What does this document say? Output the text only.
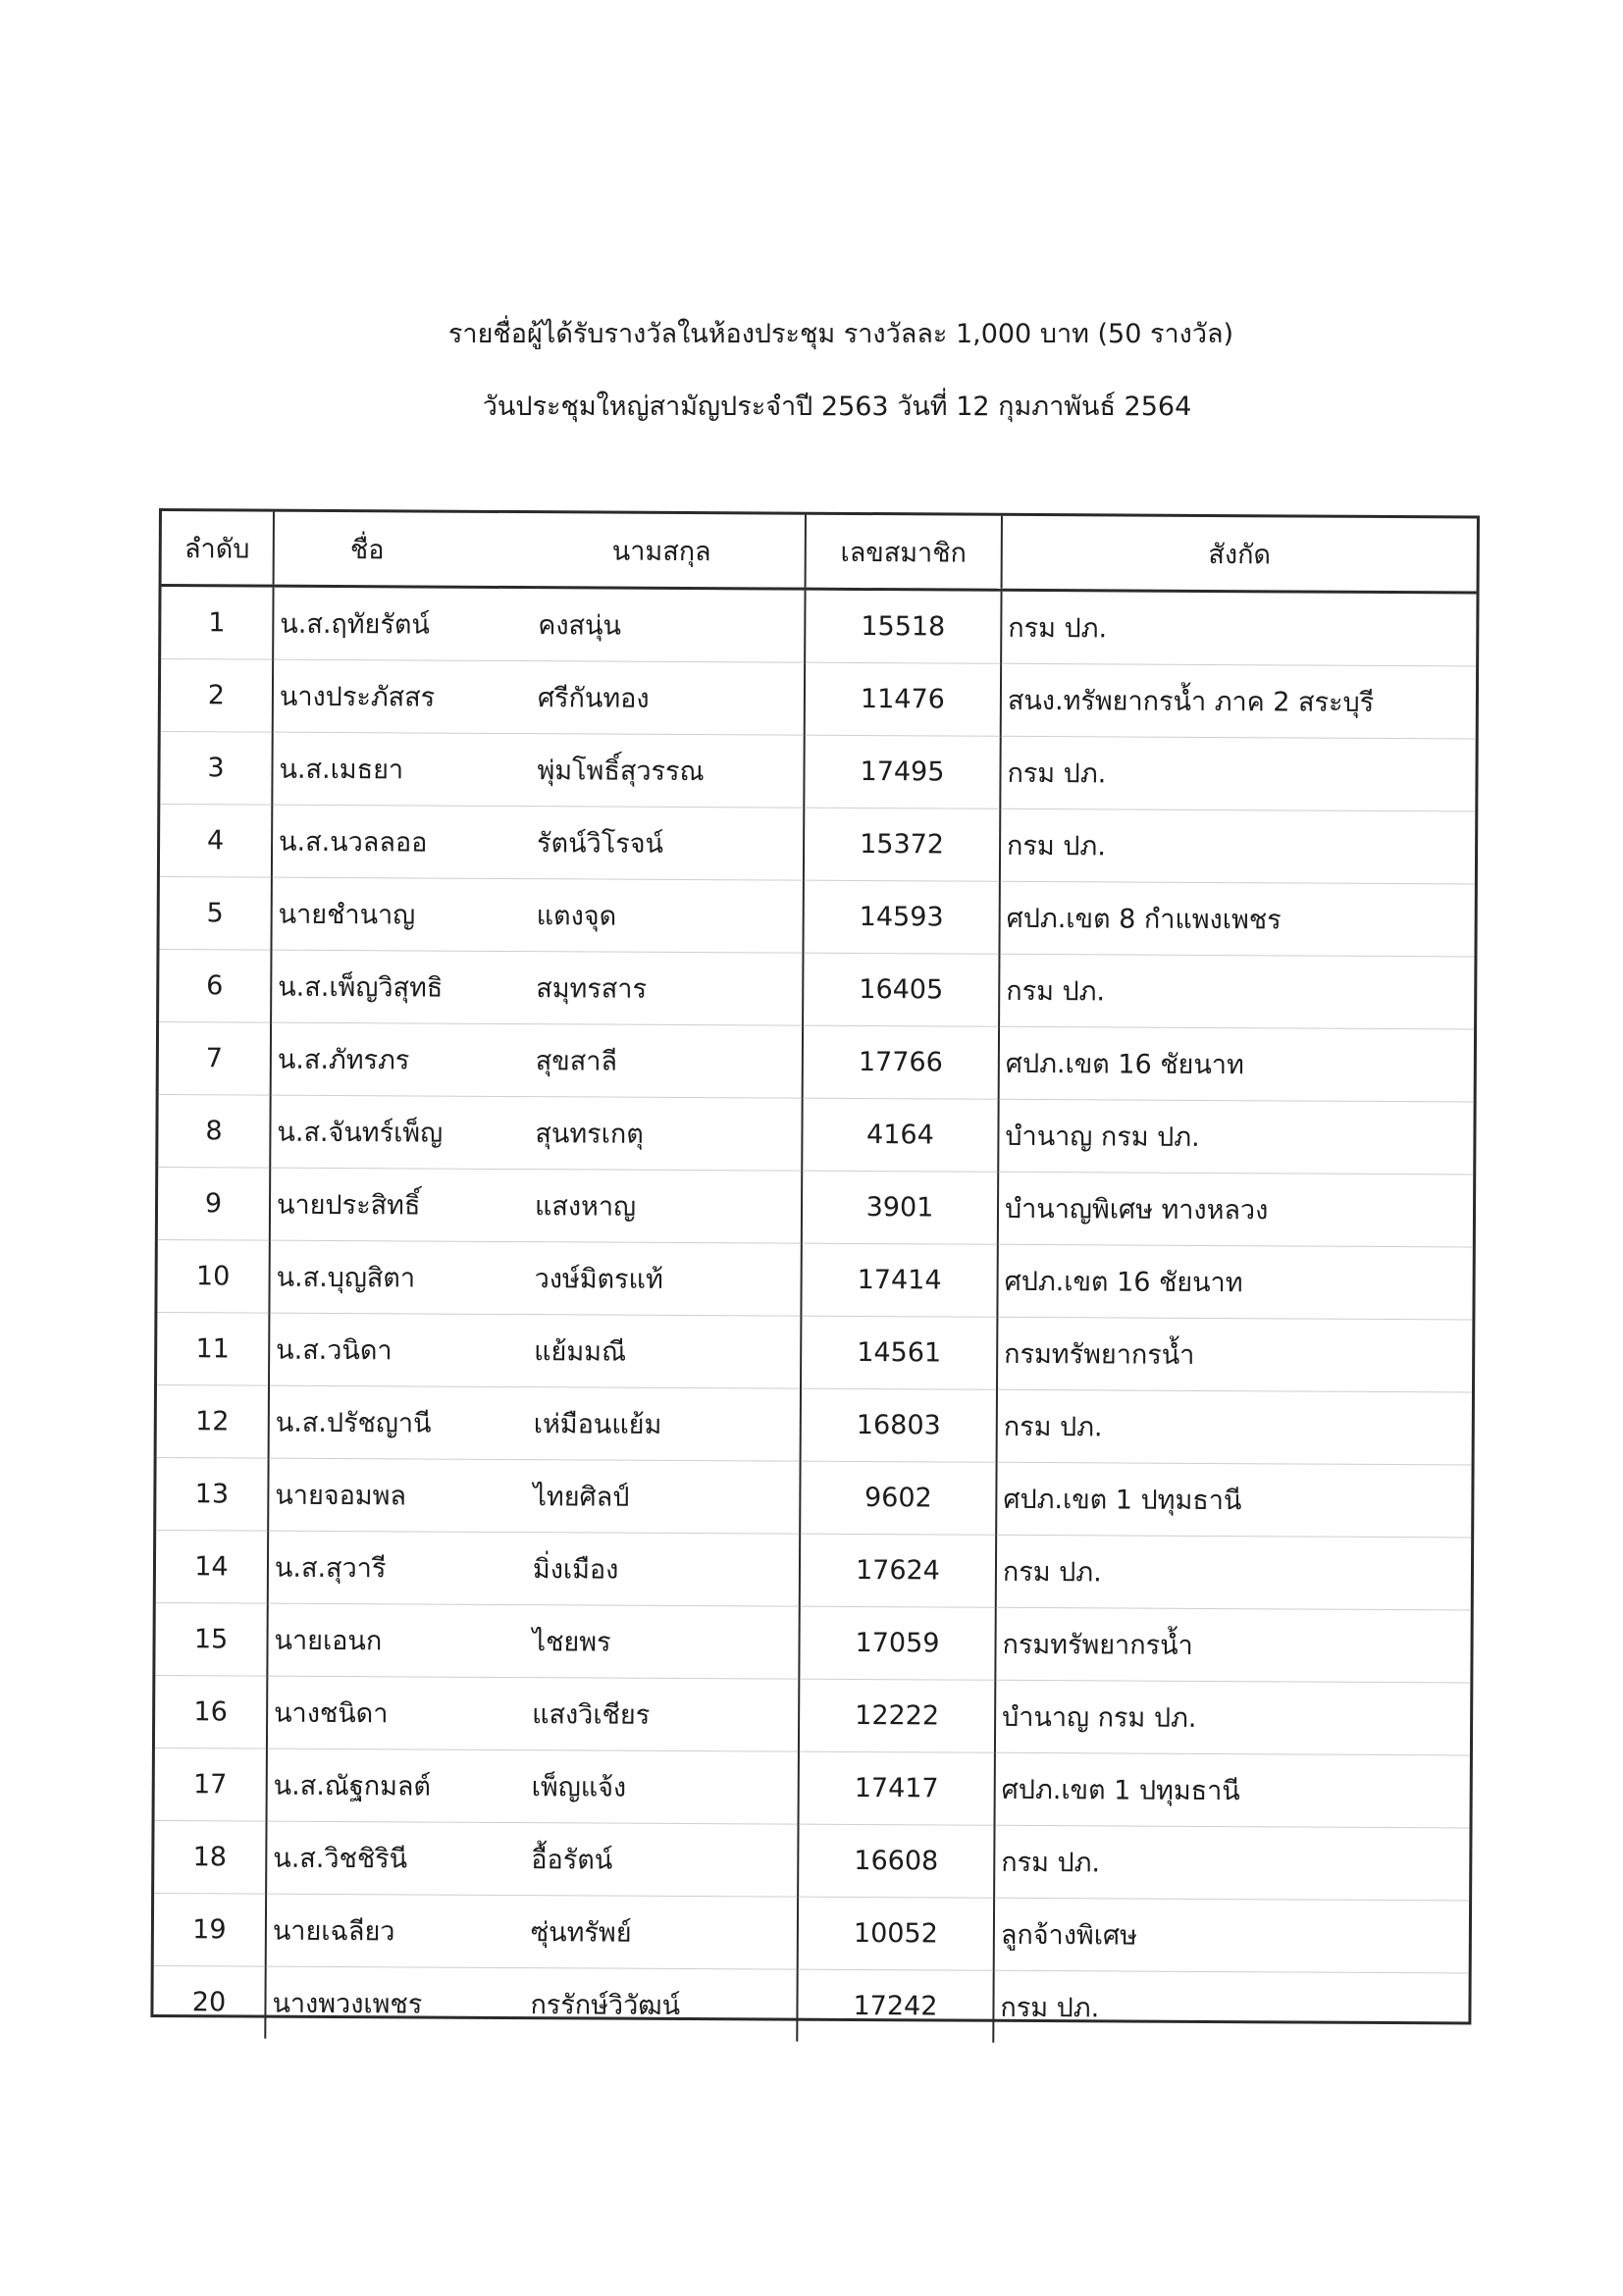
รายชื่อผู้ได้รับรางวัลในห้องประชุม รางวัลละ 1,000 บาท (50 รางวัล)
วันประชุมใหญ่สามัญประจำปี 2563 วันที่ 12 กุมภาพันธ์ 2564
ลำดับ	ชื่อ	นามสกุล	เลขสมาชิก	สังกัด
1	น.ส.ฤทัยรัตน์	คงสนุ่น	15518	กรม ปภ.
2	นางประภัสสร	ศรีกันทอง	11476	สนง.ทรัพยากรน้ำ ภาค 2 สระบุรี
3	น.ส.เมธยา	พุ่มโพธิ์สุวรรณ	17495	กรม ปภ.
4	น.ส.นวลลออ	รัตน์วิโรจน์	15372	กรม ปภ.
5	นายชำนาญ	แตงจุด	14593	ศปภ.เขต 8 กำแพงเพชร
6	น.ส.เพ็ญวิสุทธิ	สมุทรสาร	16405	กรม ปภ.
7	น.ส.ภัทรภร	สุขสาลี	17766	ศปภ.เขต 16 ชัยนาท
8	น.ส.จันทร์เพ็ญ	สุนทรเกตุ	4164	บำนาญ กรม ปภ.
9	นายประสิทธิ์	แสงหาญ	3901	บำนาญพิเศษ ทางหลวง
10	น.ส.บุญสิตา	วงษ์มิตรแท้	17414	ศปภ.เขต 16 ชัยนาท
11	น.ส.วนิดา	แย้มมณี	14561	กรมทรัพยากรน้ำ
12	น.ส.ปรัชญานี	เห่มือนแย้ม	16803	กรม ปภ.
13	นายจอมพล	ไทยศิลป์	9602	ศปภ.เขต 1 ปทุมธานี
14	น.ส.สุวารี	มิ่งเมือง	17624	กรม ปภ.
15	นายเอนก	ไชยพร	17059	กรมทรัพยากรน้ำ
16	นางชนิดา	แสงวิเชียร	12222	บำนาญ กรม ปภ.
17	น.ส.ณัฐกมลต์	เพ็ญแจ้ง	17417	ศปภ.เขต 1 ปทุมธานี
18	น.ส.วิชชิรินี	อื้อรัตน์	16608	กรม ปภ.
19	นายเฉลียว	ซุ่นทรัพย์	10052	ลูกจ้างพิเศษ
20	นางพวงเพชร	กรรักษ์วิวัฒน์	17242	กรม ปภ.
